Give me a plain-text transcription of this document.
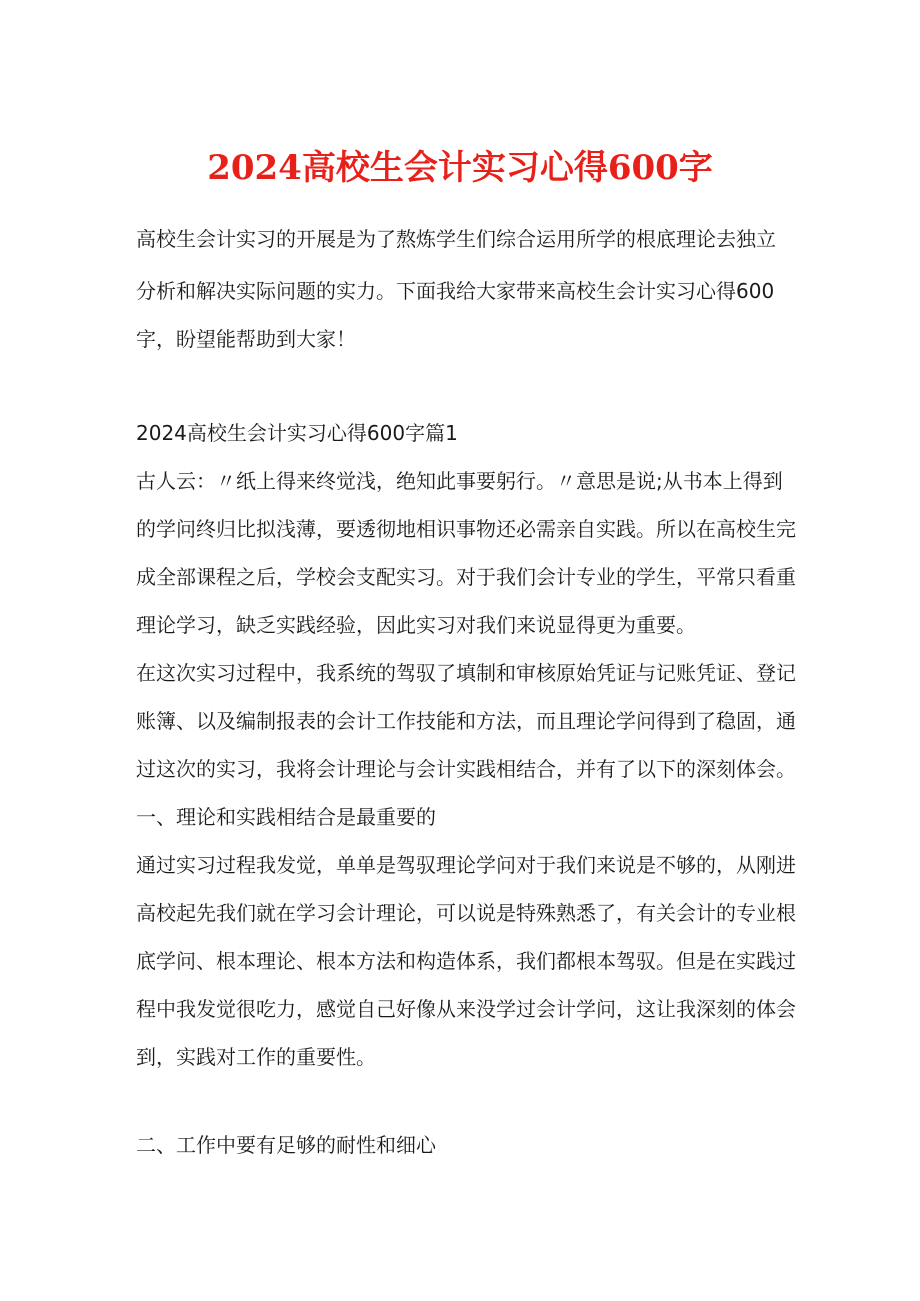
2024高校生会计实习心得600字
高校生会计实习的开展是为了熬炼学生们综合运用所学的根底理论去独立
分析和解决实际问题的实力。下面我给大家带来高校生会计实习心得600
字，盼望能帮助到大家！
2024高校生会计实习心得600字篇1
古人云：〃纸上得来终觉浅，绝知此事要躬行。〃意思是说;从书本上得到
的学问终归比拟浅薄，要透彻地相识事物还必需亲自实践。所以在高校生完
成全部课程之后，学校会支配实习。对于我们会计专业的学生，平常只看重
理论学习，缺乏实践经验，因此实习对我们来说显得更为重要。
在这次实习过程中，我系统的驾驭了填制和审核原始凭证与记账凭证、登记
账簿、以及编制报表的会计工作技能和方法，而且理论学问得到了稳固，通
过这次的实习，我将会计理论与会计实践相结合，并有了以下的深刻体会。
一、理论和实践相结合是最重要的
通过实习过程我发觉，单单是驾驭理论学问对于我们来说是不够的，从刚进
高校起先我们就在学习会计理论，可以说是特殊熟悉了，有关会计的专业根
底学问、根本理论、根本方法和构造体系，我们都根本驾驭。但是在实践过
程中我发觉很吃力，感觉自己好像从来没学过会计学问，这让我深刻的体会
到，实践对工作的重要性。
二、工作中要有足够的耐性和细心
